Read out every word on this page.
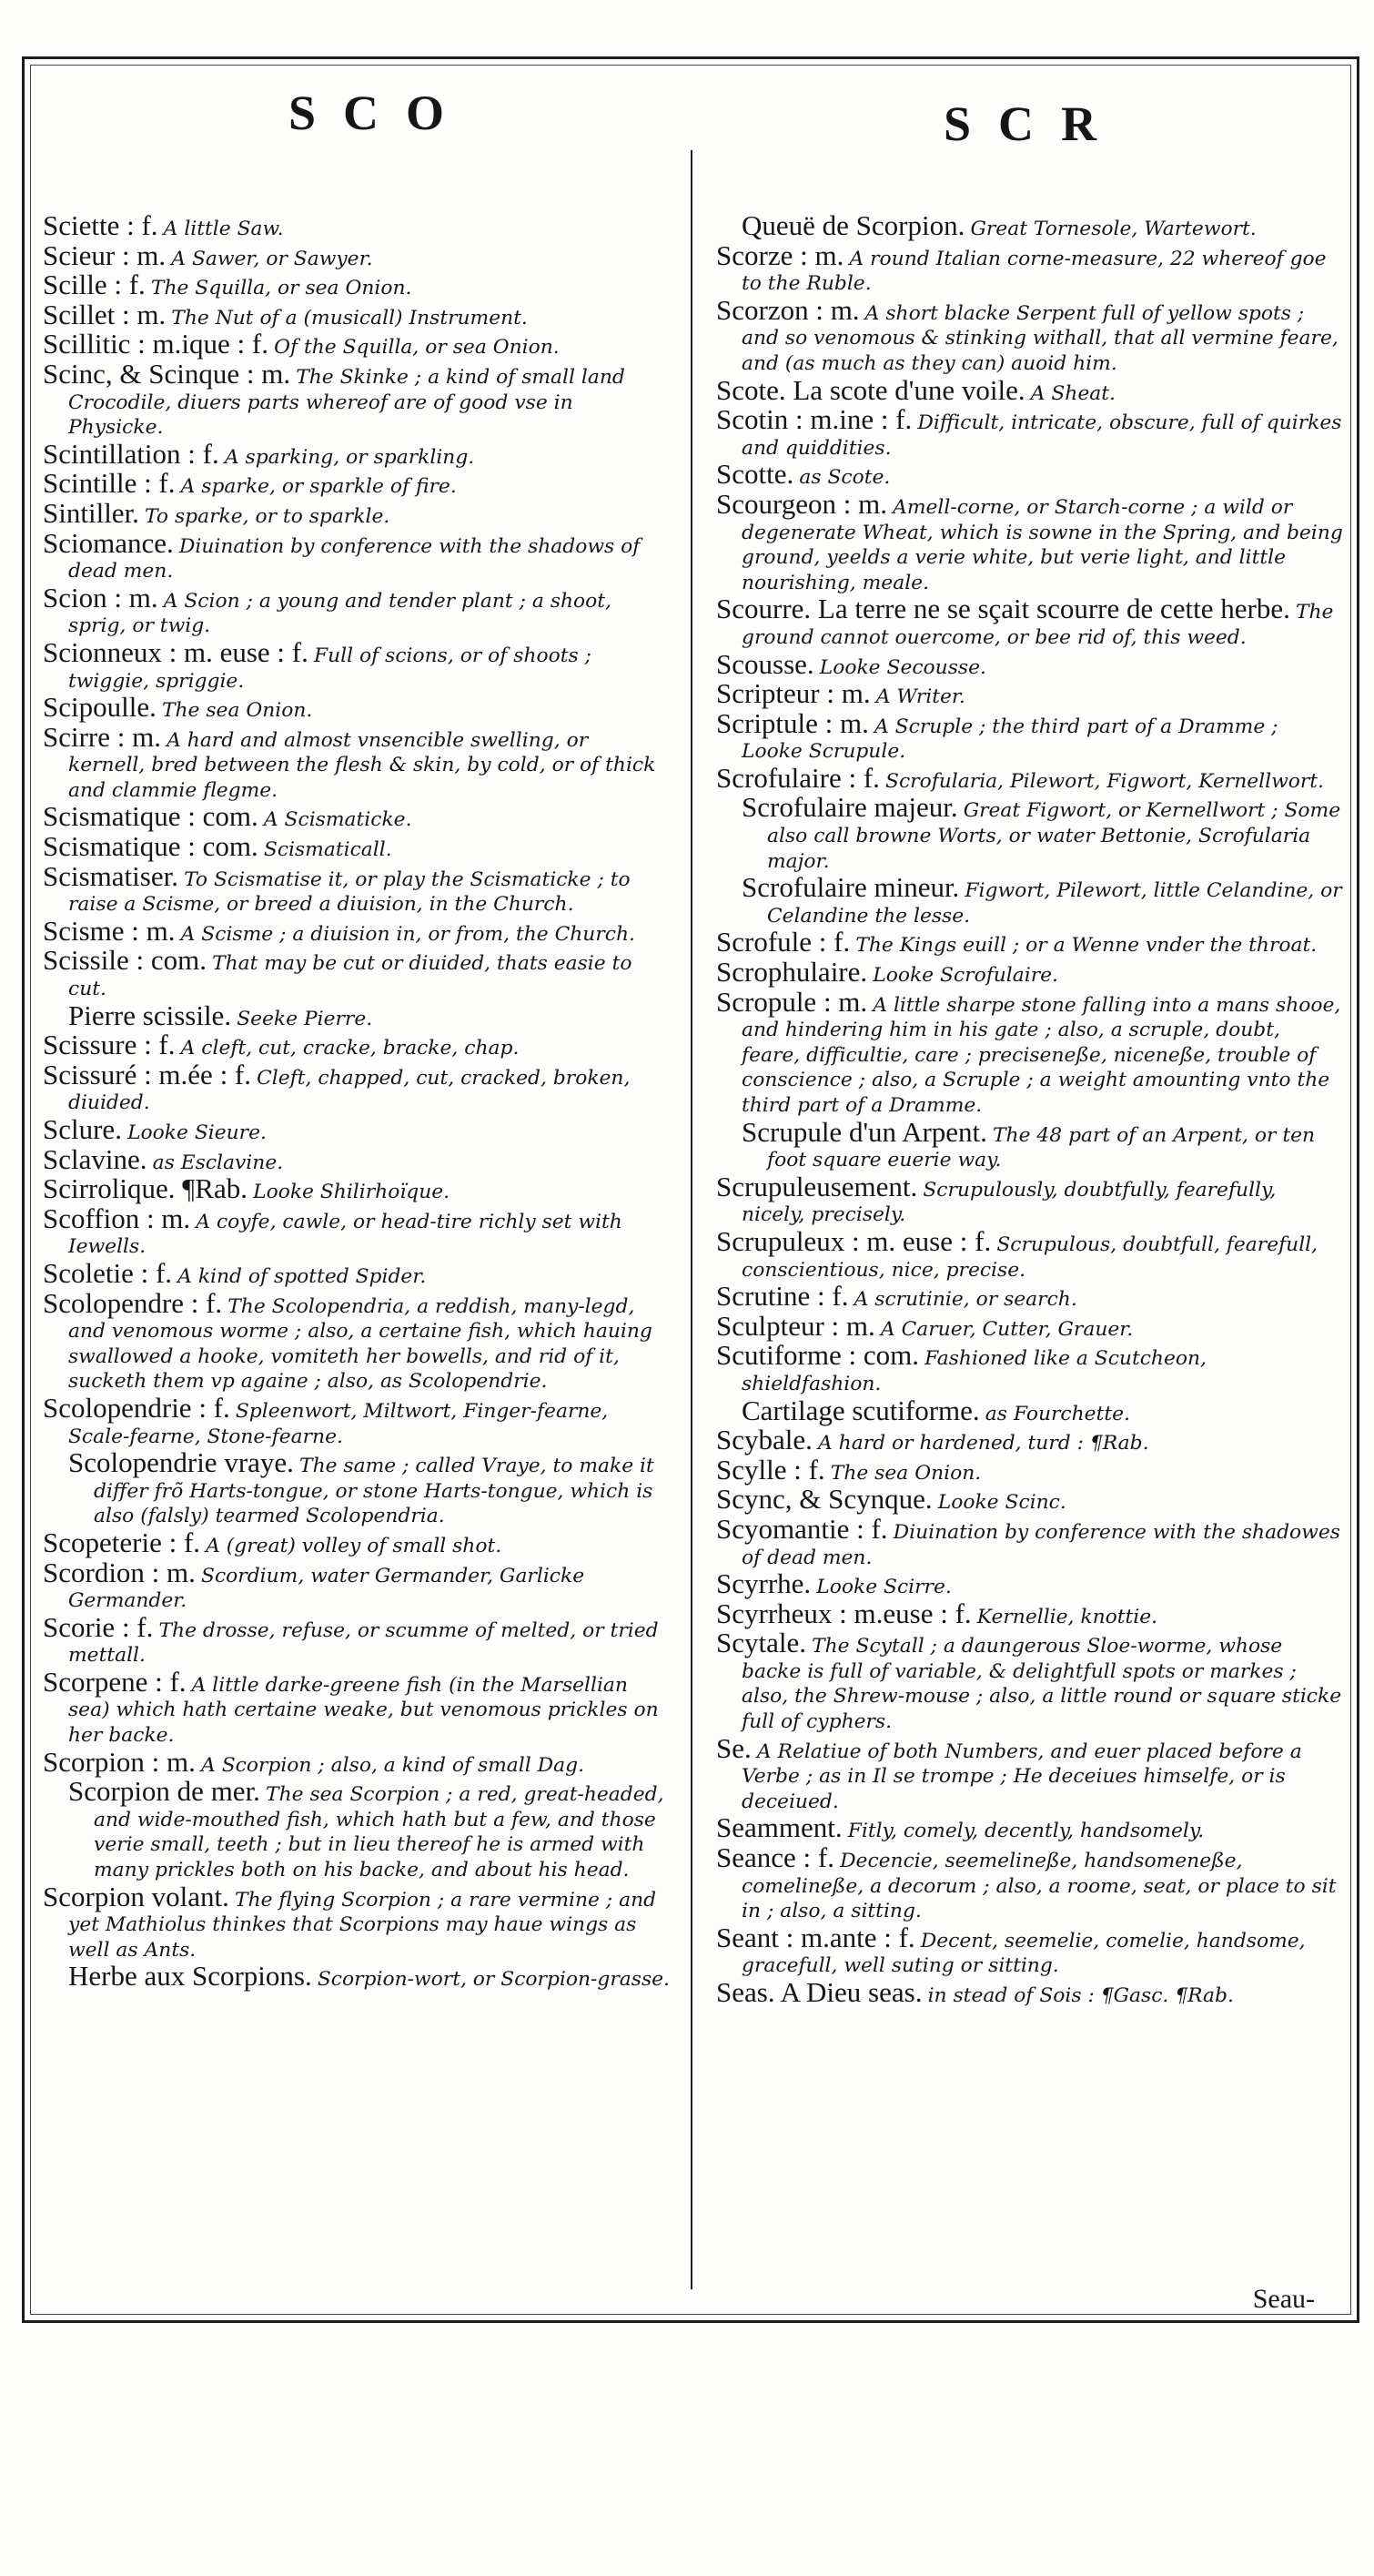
SCO	SCR
Sciette : f. A little Saw.
Scieur : m. A Sawer, or Sawyer.
Scille : f. The Squilla, or sea Onion.
Scillet : m. The Nut of a (musicall) Instrument.
Scillitic : m.ique : f. Of the Squilla, or sea Onion.
Scinc, & Scinque : m. The Skinke ; a kind of small land Crocodile, diuers parts whereof are of good vse in Physicke.
Scintillation : f. A sparking, or sparkling.
Scintille : f. A sparke, or sparkle of fire.
Sintiller. To sparke, or to sparkle.
Sciomance. Diuination by conference with the shadows of dead men.
Scion : m. A Scion ; a young and tender plant ; a shoot, sprig, or twig.
Scionneux : m. euse : f. Full of scions, or of shoots ; twiggie, spriggie.
Scipoulle. The sea Onion.
Scirre : m. A hard and almost vnsencible swelling, or kernell, bred between the flesh & skin, by cold, or of thick and clammie flegme.
Scismatique : com. A Scismaticke.
Scismatique : com. Scismaticall.
Scismatiser. To Scismatise it, or play the Scismaticke ; to raise a Scisme, or breed a diuision, in the Church.
Scisme : m. A Scisme ; a diuision in, or from, the Church.
Scissile : com. That may be cut or diuided, thats easie to cut.
Pierre scissile. Seeke Pierre.
Scissure : f. A cleft, cut, cracke, bracke, chap.
Scissuré : m.ée : f. Cleft, chapped, cut, cracked, broken, diuided.
Sclure. Looke Sieure.
Sclavine. as Esclavine.
Scirrolique. ¶Rab. Looke Shilirhoïque.
Scoffion : m. A coyfe, cawle, or head-tire richly set with Iewells.
Scoletie : f. A kind of spotted Spider.
Scolopendre : f. The Scolopendria, a reddish, many-legd, and venomous worme ; also, a certaine fish, which hauing swallowed a hooke, vomiteth her bowells, and rid of it, sucketh them vp againe ; also, as Scolopendrie.
Scolopendrie : f. Spleenwort, Miltwort, Finger-fearne, Scale-fearne, Stone-fearne.
Scolopendrie vraye. The same ; called Vraye, to make it differ frõ Harts-tongue, or stone Harts-tongue, which is also (falsly) tearmed Scolopendria.
Scopeterie : f. A (great) volley of small shot.
Scordion : m. Scordium, water Germander, Garlicke Germander.
Scorie : f. The drosse, refuse, or scumme of melted, or tried mettall.
Scorpene : f. A little darke-greene fish (in the Marsellian sea) which hath certaine weake, but venomous prickles on her backe.
Scorpion : m. A Scorpion ; also, a kind of small Dag.
Scorpion de mer. The sea Scorpion ; a red, great-headed, and wide-mouthed fish, which hath but a few, and those verie small, teeth ; but in lieu thereof he is armed with many prickles both on his backe, and about his head.
Scorpion volant. The flying Scorpion ; a rare vermine ; and yet Mathiolus thinkes that Scorpions may haue wings as well as Ants.
Herbe aux Scorpions. Scorpion-wort, or Scorpion-grasse.
Queuë de Scorpion. Great Tornesole, Wartewort.
Scorze : m. A round Italian corne-measure, 22 whereof goe to the Ruble.
Scorzon : m. A short blacke Serpent full of yellow spots ; and so venomous & stinking withall, that all vermine feare, and (as much as they can) auoid him.
Scote. La scote d'une voile. A Sheat.
Scotin : m.ine : f. Difficult, intricate, obscure, full of quirkes and quiddities.
Scotte. as Scote.
Scourgeon : m. Amell-corne, or Starch-corne ; a wild or degenerate Wheat, which is sowne in the Spring, and being ground, yeelds a verie white, but verie light, and little nourishing, meale.
Scourre. La terre ne se sçait scourre de cette herbe. The ground cannot ouercome, or bee rid of, this weed.
Scousse. Looke Secousse.
Scripteur : m. A Writer.
Scriptule : m. A Scruple ; the third part of a Dramme ; Looke Scrupule.
Scrofulaire : f. Scrofularia, Pilewort, Figwort, Kernellwort.
Scrofulaire majeur. Great Figwort, or Kernellwort ; Some also call browne Worts, or water Bettonie, Scrofularia major.
Scrofulaire mineur. Figwort, Pilewort, little Celandine, or Celandine the lesse.
Scrofule : f. The Kings euill ; or a Wenne vnder the throat.
Scrophulaire. Looke Scrofulaire.
Scropule : m. A little sharpe stone falling into a mans shooe, and hindering him in his gate ; also, a scruple, doubt, feare, difficultie, care ; preciseneße, niceneße, trouble of conscience ; also, a Scruple ; a weight amounting vnto the third part of a Dramme.
Scrupule d'un Arpent. The 48 part of an Arpent, or ten foot square euerie way.
Scrupuleusement. Scrupulously, doubtfully, fearefully, nicely, precisely.
Scrupuleux : m. euse : f. Scrupulous, doubtfull, fearefull, conscientious, nice, precise.
Scrutine : f. A scrutinie, or search.
Sculpteur : m. A Caruer, Cutter, Grauer.
Scutiforme : com. Fashioned like a Scutcheon, shieldfashion.
Cartilage scutiforme. as Fourchette.
Scybale. A hard or hardened, turd : ¶Rab.
Scylle : f. The sea Onion.
Scync, & Scynque. Looke Scinc.
Scyomantie : f. Diuination by conference with the shadowes of dead men.
Scyrrhe. Looke Scirre.
Scyrrheux : m.euse : f. Kernellie, knottie.
Scytale. The Scytall ; a daungerous Sloe-worme, whose backe is full of variable, & delightfull spots or markes ; also, the Shrew-mouse ; also, a little round or square sticke full of cyphers.
Se. A Relatiue of both Numbers, and euer placed before a Verbe ; as in Il se trompe ; He deceiues himselfe, or is deceiued.
Seamment. Fitly, comely, decently, handsomely.
Seance : f. Decencie, seemelineße, handsomeneße, comelineße, a decorum ; also, a roome, seat, or place to sit in ; also, a sitting.
Seant : m.ante : f. Decent, seemelie, comelie, handsome, gracefull, well suting or sitting.
Seas. A Dieu seas. in stead of Sois : ¶Gasc. ¶Rab.
Seau-
